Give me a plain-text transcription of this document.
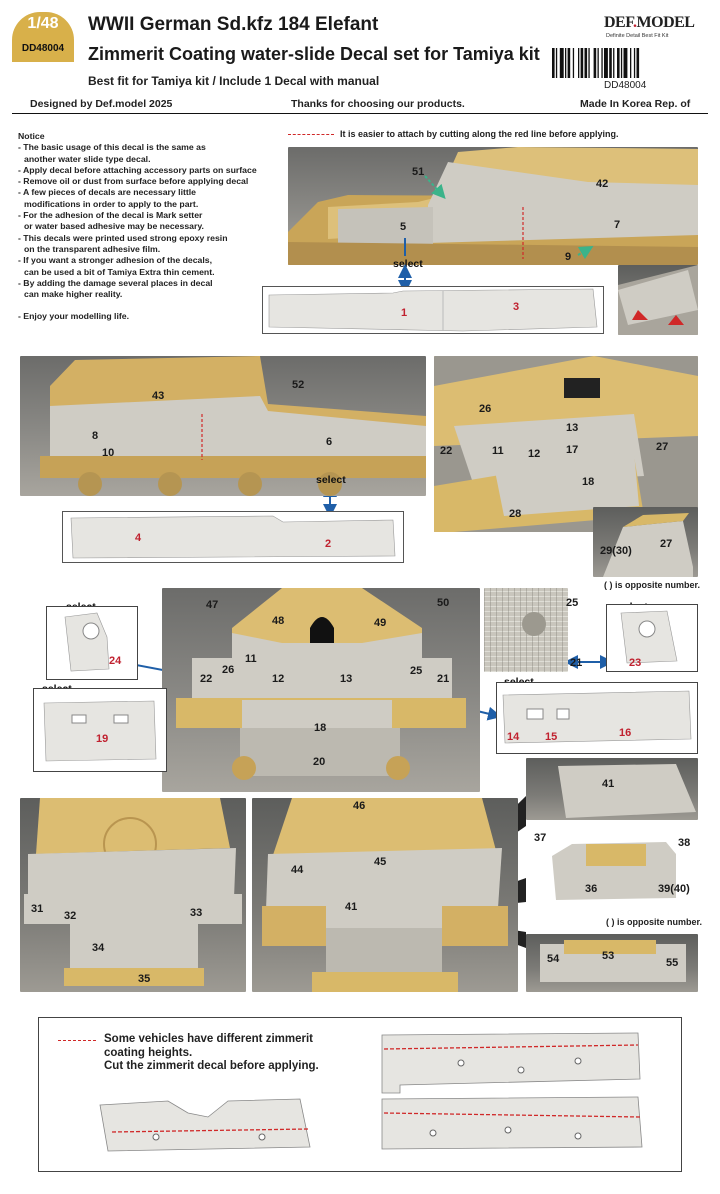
1/48
DD48004
WWII German Sd.kfz 184 Elefant
Zimmerit Coating water-slide Decal set for Tamiya kit
Best fit for Tamiya kit / Include 1 Decal with manual
DEF.MODEL
Definite Detail Best Fit Kit
DD48004
Designed by Def.model 2025	Thanks for choosing our products.	Made In Korea Rep. of
Notice
- The basic usage of this decal is the same as
another water slide type decal.
- Apply decal before attaching accessory parts on surface
- Remove oil or dust from surface before applying decal
- A few pieces of decals are necessary little
modifications in order to apply to the part.
- For the adhesion of the decal is Mark setter
or water based adhesive may be necessary.
- This decals were printed used strong epoxy resin
on the transparent adhesive film.
- If you want a stronger adhesion of the decals,
can be used a bit of Tamiya Extra thin cement.
- By adding the damage several places in decal
can make higher reality.
- Enjoy your modelling life.
It is easier to attach by cutting along the red line before applying.
51
42
5	7
9
select
1	3
43
52
8	6
10
select
4	2
26
13
22	11 12 17	27
18
28
29(30)
27
( ) is opposite number.
47	50
48	49
11
26	25
22	12	13	21
18
20
24
19
25
21	23
14 15	16
31
32	33
34
35
46
45
44
41
41
37	38
36	39(40)
( ) is opposite number.
54	53
55
Some vehicles have different zimmerit
coating heights.
Cut the zimmerit decal before applying.
